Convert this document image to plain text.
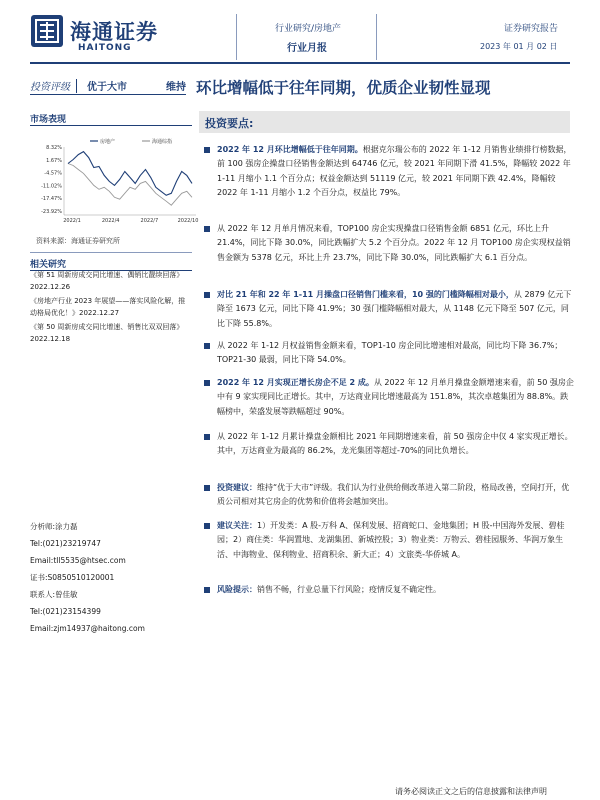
海通证券
HAITONG
行业研究/房地产
行业月报
证券研究报告
2023 年 01 月 02 日
投资评级 优于大市	维持 环比增幅低于往年同期，优质企业韧性显现
市场表现
8.32%
1.67%
-4.57%
-11.02%
-17.47%
-23.92%
2022/1	2022/4	2022/7	2022/10
房地产	海通综指
资料来源：海通证券研究所
相关研究
《第 51 周新房成交同比增速、偶销比靓续回落》2022.12.26
《房地产行业 2023 年展望——落实风险化解，推动格局优化！》2022.12.27
《第 50 周新房成交同比增速、销售比双双回落》2022.12.18
分析师:涂力磊
Tel:(021)23219747
Email:tll5535@htsec.com
证书:S0850510120001
联系人:曾佳敏
Tel:(021)23154399
Email:zjm14937@haitong.com
投资要点:
2022 年 12 月环比增幅低于往年同期。根据克尔瑞公布的 2022 年 1-12 月销售业绩排行榜数据，前 100 强房企操盘口径销售金额达到 64746 亿元，较 2021 年同期下滑 41.5%，降幅较 2022 年 1-11 月缩小 1.1 个百分点；权益金额达到 51119 亿元，较 2021 年同期下跌 42.4%，降幅较 2022 年 1-11 月缩小 1.2 个百分点，权益比 79%。
从 2022 年 12 月单月情况来看，TOP100 房企实现操盘口径销售金额 6851 亿元，环比上升 21.4%，同比下降 30.0%，同比跌幅扩大 5.2 个百分点。2022 年 12 月 TOP100 房企实现权益销售金额为 5378 亿元，环比上升 23.7%，同比下降 30.0%，同比跌幅扩大 6.1 百分点。
对比 21 年和 22 年 1-11 月操盘口径销售门槛来看，10 强的门槛降幅相对最小，从 2879 亿元下降至 1673 亿元，同比下降 41.9%；30 强门槛降幅相对最大，从 1148 亿元下降至 507 亿元，同比下降 55.8%。
从 2022 年 1-12 月权益销售金额来看，TOP1-10 房企同比增速相对最高，同比均下降 36.7%；TOP21-30 最弱，同比下降 54.0%。
2022 年 12 月实现正增长房企不足 2 成。从 2022 年 12 月单月操盘金额增速来看，前 50 强房企中有 9 家实现同比正增长。其中，万达商业同比增速最高为 151.8%，其次卓越集团为 88.8%。跌幅榜中，荣盛发展等跌幅超过 90%。
从 2022 年 1-12 月累计操盘金额相比 2021 年同期增速来看，前 50 强房企中仅 4 家实现正增长。其中，万达商业为最高的 86.2%，龙光集团等超过-70%的同比负增长。
投资建议：维持“优于大市”评级。我们认为行业供给侧改革进入第二阶段，格局改善，空间打开，优质公司相对其它房企的优势和价值将会越加突出。
建议关注：1）开发类：A 股-万科 A、保利发展、招商蛇口、金地集团；H 股-中国海外发展、碧桂园；2）商住类：华润置地、龙湖集团、新城控股；3）物业类：万物云、碧桂园服务、华润万象生活、中海物业、保利物业、招商积余、新大正；4）文旅类-华侨城 A。
风险提示：销售不畅，行业总量下行风险；疫情反复不确定性。
请务必阅读正文之后的信息披露和法律声明
